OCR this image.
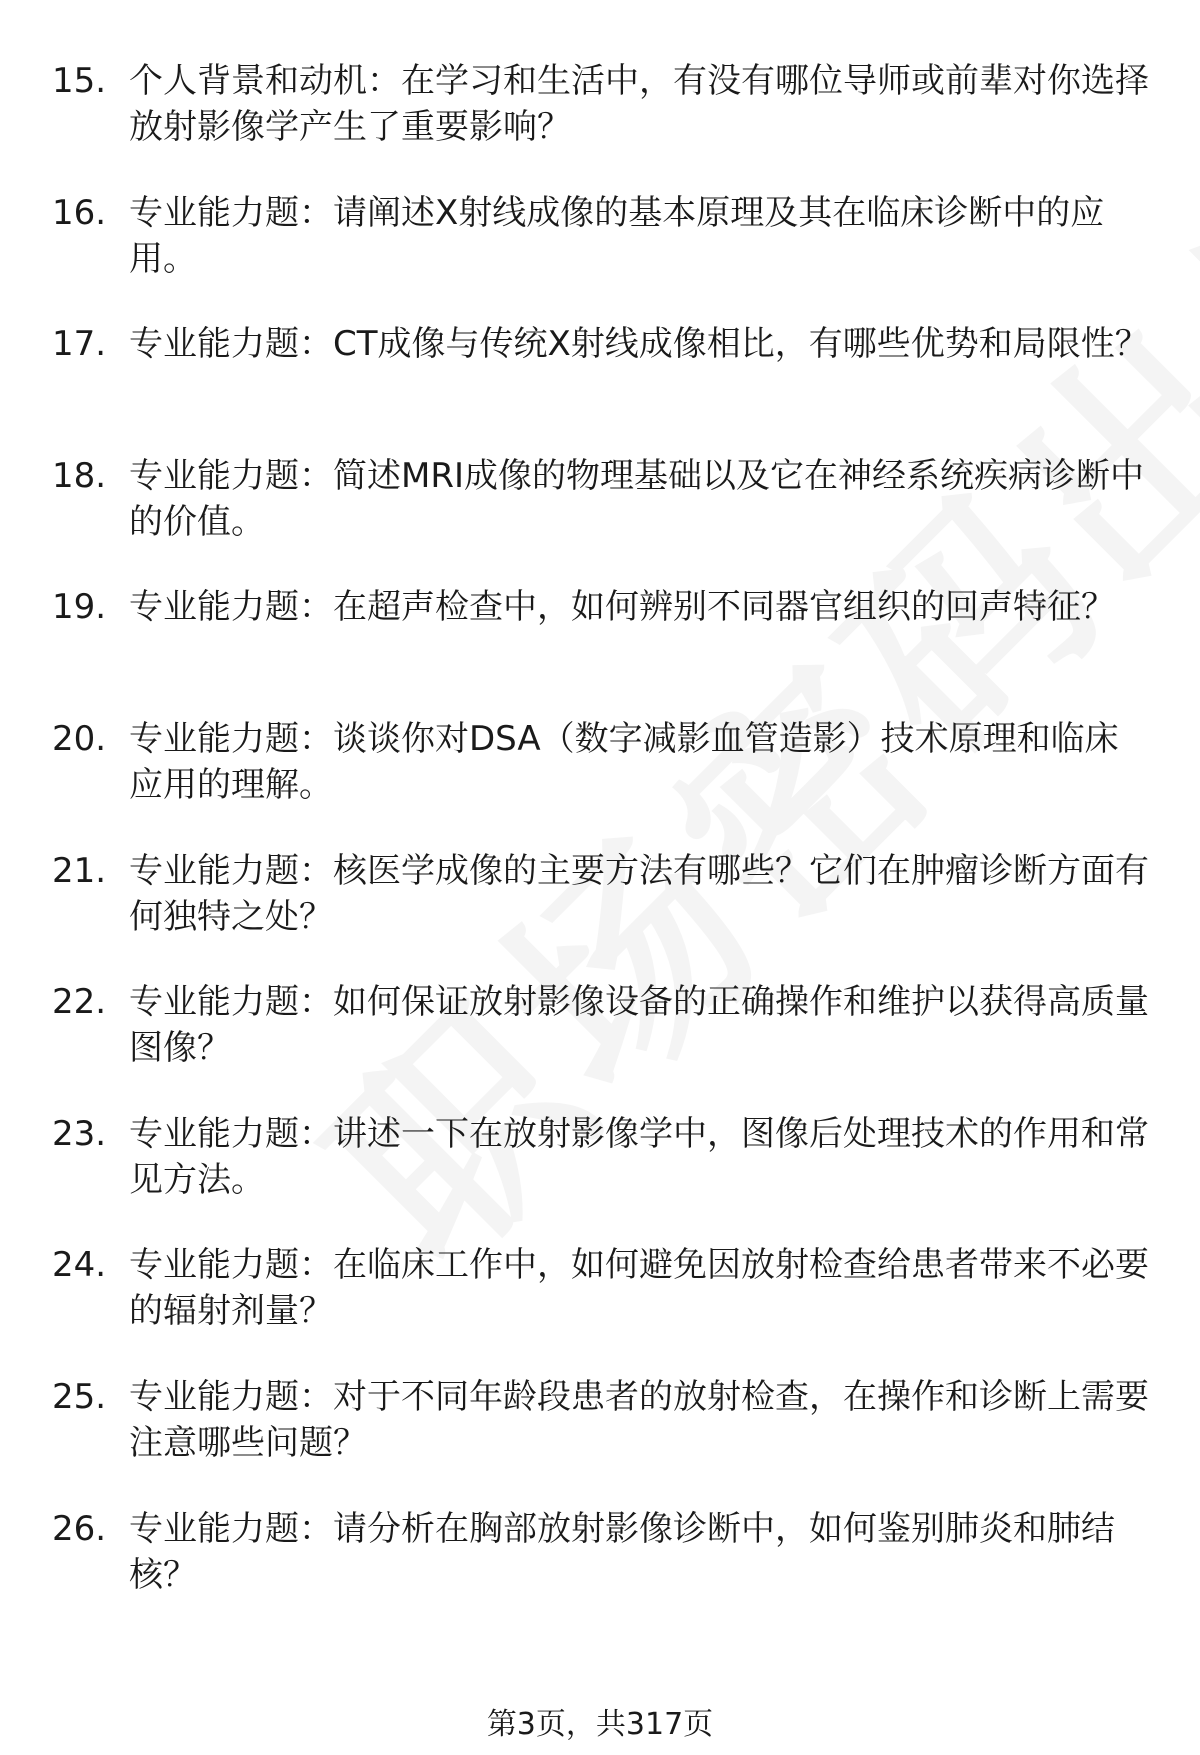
15. 个人背景和动机：在学习和生活中，有没有哪位导师或前辈对你选择放射影像学产生了重要影响？
16. 专业能力题：请阐述X射线成像的基本原理及其在临床诊断中的应用。
17. 专业能力题：CT成像与传统X射线成像相比，有哪些优势和局限性？
18. 专业能力题：简述MRI成像的物理基础以及它在神经系统疾病诊断中的价值。
19. 专业能力题：在超声检查中，如何辨别不同器官组织的回声特征？
20. 专业能力题：谈谈你对DSA（数字减影血管造影）技术原理和临床应用的理解。
21. 专业能力题：核医学成像的主要方法有哪些？它们在肿瘤诊断方面有何独特之处？
22. 专业能力题：如何保证放射影像设备的正确操作和维护以获得高质量图像？
23. 专业能力题：讲述一下在放射影像学中，图像后处理技术的作用和常见方法。
24. 专业能力题：在临床工作中，如何避免因放射检查给患者带来不必要的辐射剂量？
25. 专业能力题：对于不同年龄段患者的放射检查，在操作和诊断上需要注意哪些问题？
26. 专业能力题：请分析在胸部放射影像诊断中，如何鉴别肺炎和肺结核？
第3页，共317页
